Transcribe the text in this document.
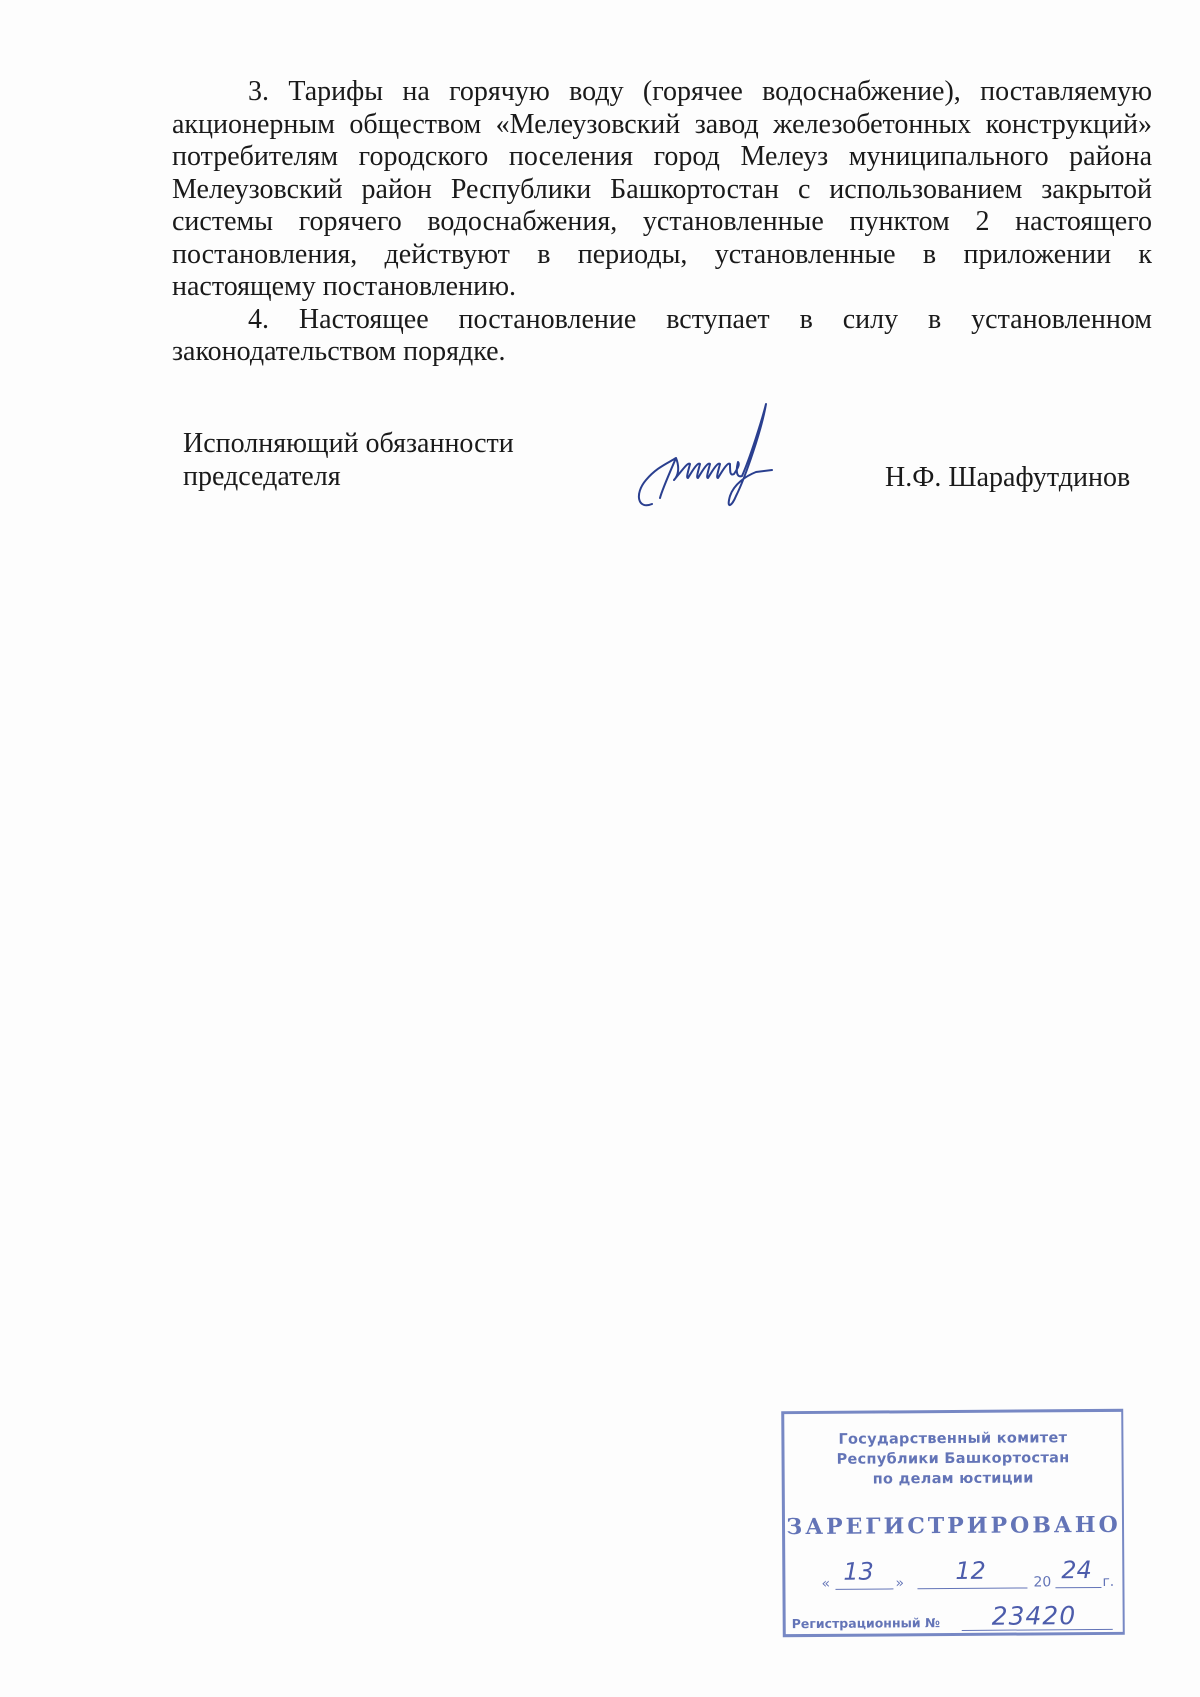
3. Тарифы на горячую воду (горячее водоснабжение), поставляемую акционерным обществом «Мелеузовский завод железобетонных конструкций» потребителям городского поселения город Мелеуз муниципального района Мелеузовский район Республики Башкортостан с использованием закрытой системы горячего водоснабжения, установленные пунктом 2 настоящего постановления, действуют в периоды, установленные в приложении к настоящему постановлению.

4. Настоящее постановление вступает в силу в установленном законодательством порядке.

Исполняющий обязанности
председателя	Н.Ф. Шарафутдинов
Государственный комитет
Республики Башкортостан
по делам юстиции
ЗАРЕГИСТРИРОВАНО
« 13 » 12	20 24 г.
Регистрационный № 23420
